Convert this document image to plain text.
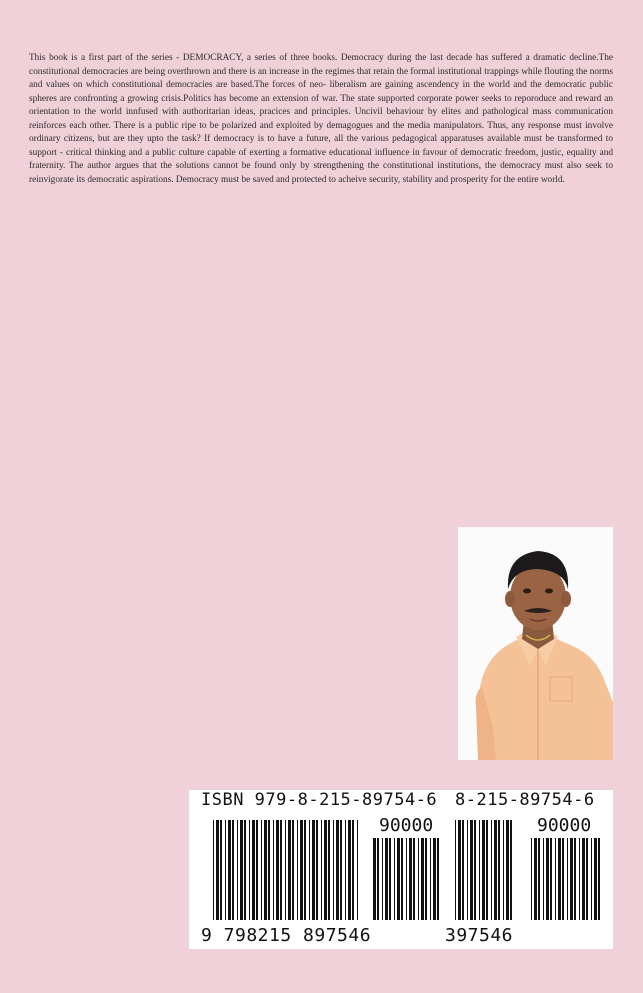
This book is a first part of the series - DEMOCRACY, a series of three books. Democracy during the last decade has suffered a dramatic decline.The constitutional democracies are being overthrown and there is an increase in the regimes that retain the formal institutional trappings while flouting the norms and values on which constitutional democracies are based.The forces of neo- liberalism are gaining ascendency in the world and the democratic public spheres are confronting a growing crisis.Politics has become an extension of war. The state supported corporate power seeks to reporoduce and reward an orientation to the world innfused with authoritarian ideas, pracices and principles. Uncivil behaviour by elites and pathological mass communication reinforces each other. There is a public ripe to be polarized and exploited by demagogues and the media manipulators. Thus, any response must involve ordinary citizens, but are they upto the task? If democracy is to have a future, all the various pedagogical apparatuses available must be transformed to support - critical thinking and a public culture capable of exerting a formative educational influence in favour of democratic freedom, justic, equality and fraternity. The author argues that the solutions cannot be found only by strengthening the constitutional institutions, the democracy must also seek to reinvigorate its democratic aspirations. Democracy must be saved and protected to acheive security, stability and prosperity for the entire world.

ISBN 979-8-215-89754-6 8-215-89754-6
90000	90000
9 798215 897546	397546
